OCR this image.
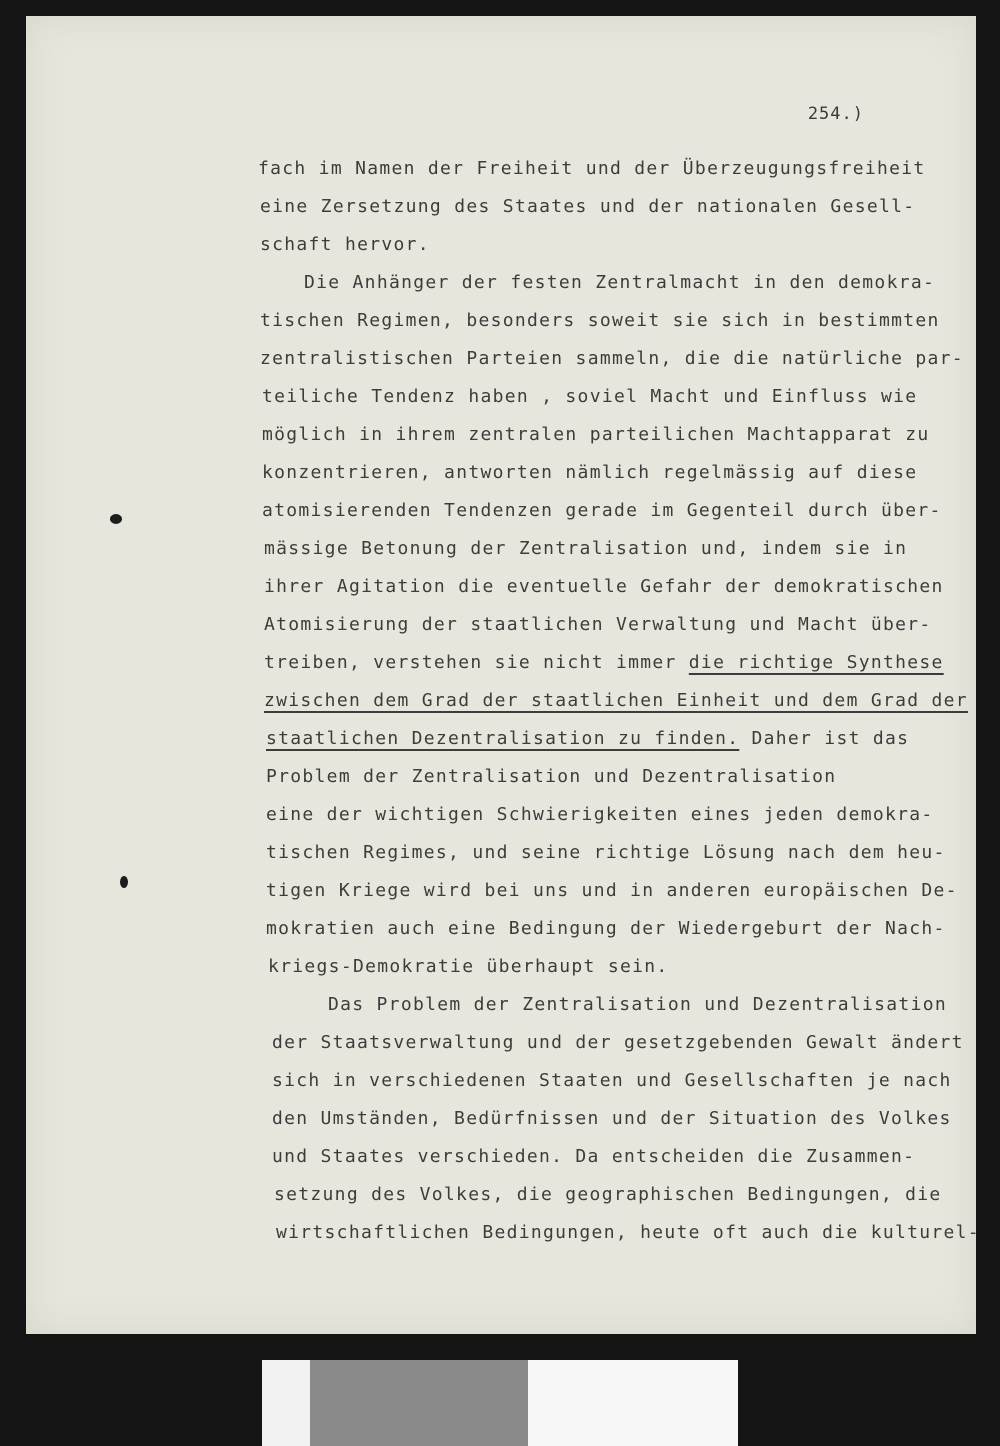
254.)
fach im Namen der Freiheit und der Überzeugungsfreiheit
eine Zersetzung des Staates und der nationalen Gesell-
schaft hervor.
Die Anhänger der festen Zentralmacht in den demokra-
tischen Regimen, besonders soweit sie sich in bestimmten
zentralistischen Parteien sammeln, die die natürliche par-
teiliche Tendenz haben , soviel Macht und Einfluss wie
möglich in ihrem zentralen parteilichen Machtapparat zu
konzentrieren, antworten nämlich regelmässig auf diese
atomisierenden Tendenzen gerade im Gegenteil durch über-
mässige Betonung der Zentralisation und, indem sie in
ihrer Agitation die eventuelle Gefahr der demokratischen
Atomisierung der staatlichen Verwaltung und Macht über-
treiben, verstehen sie nicht immer die richtige Synthese
zwischen dem Grad der staatlichen Einheit und dem Grad der
staatlichen Dezentralisation zu finden. Daher ist das
Problem der Zentralisation und Dezentralisation
eine der wichtigen Schwierigkeiten eines jeden demokra-
tischen Regimes, und seine richtige Lösung nach dem heu-
tigen Kriege wird bei uns und in anderen europäischen De-
mokratien auch eine Bedingung der Wiedergeburt der Nach-
kriegs-Demokratie überhaupt sein.
Das Problem der Zentralisation und Dezentralisation
der Staatsverwaltung und der gesetzgebenden Gewalt ändert
sich in verschiedenen Staaten und Gesellschaften je nach
den Umständen, Bedürfnissen und der Situation des Volkes
und Staates verschieden. Da entscheiden die Zusammen-
setzung des Volkes, die geographischen Bedingungen, die
wirtschaftlichen Bedingungen, heute oft auch die kulturel-
